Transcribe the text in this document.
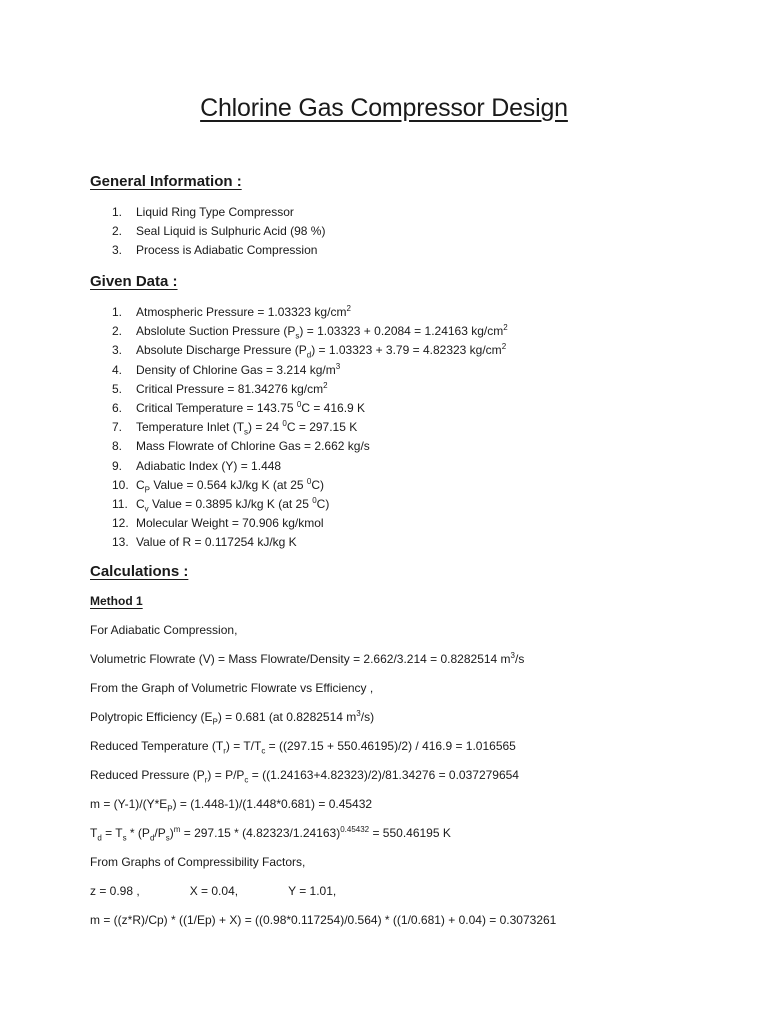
Chlorine Gas Compressor Design
General Information :
1. Liquid Ring Type Compressor
2. Seal Liquid is Sulphuric Acid (98 %)
3. Process is Adiabatic Compression
Given Data :
1. Atmospheric Pressure = 1.03323 $kg/cm^2$
2. Abslolute Suction Pressure $(P_s) = 1.03323 + 0.2084 = 1.24163$ $kg/cm^2$
3. Absolute Discharge Pressure $(P_d) = 1.03323 + 3.79 = 4.82323$ $kg/cm^2$
4. Density of Chlorine Gas = 3.214 $kg/m^3$
5. Critical Pressure = 81.34276 $kg/cm^2$
6. Critical Temperature = 143.75 $^0$C = 416.9 K
7. Temperature Inlet $(T_s) = 24$ $^0$C = 297.15 K
8. Mass Flowrate of Chlorine Gas = 2.662 kg/s
9. Adiabatic Index (Y) = 1.448
10. $C_P$ Value = 0.564 kJ/kg K (at 25 $^0$C)
11. $C_v$ Value = 0.3895 kJ/kg K (at 25 $^0$C)
12. Molecular Weight = 70.906 kg/kmol
13. Value of R = 0.117254 kJ/kg K
Calculations :
Method 1
For Adiabatic Compression,
Volumetric Flowrate (V) = Mass Flowrate/Density = 2.662/3.214 = 0.8282514 $m^3/s$
From the Graph of Volumetric Flowrate vs Efficiency ,
Polytropic Efficiency $(E_P) = 0.681$ (at 0.8282514 $m^3/s$)
Reduced Temperature $(T_r) = T/T_c = ((297.15 + 550.46195)/2) / 416.9 = 1.016565$
Reduced Pressure $(P_r) = P/P_c = ((1.24163+4.82323)/2)/81.34276 = 0.037279654$
$m = (Y-1)/(Y*E_P) = (1.448-1)/(1.448*0.681) = 0.45432$
$T_d = T_s * (P_d/P_s)^m = 297.15 * (4.82323/1.24163)^{0.45432} = 550.46195$ K
From Graphs of Compressibility Factors,
z = 0.98 ,	X = 0.04,	Y = 1.01,
m = ((z*R)/Cp) * ((1/Ep) + X) = ((0.98*0.117254)/0.564) * ((1/0.681) + 0.04) = 0.3073261
